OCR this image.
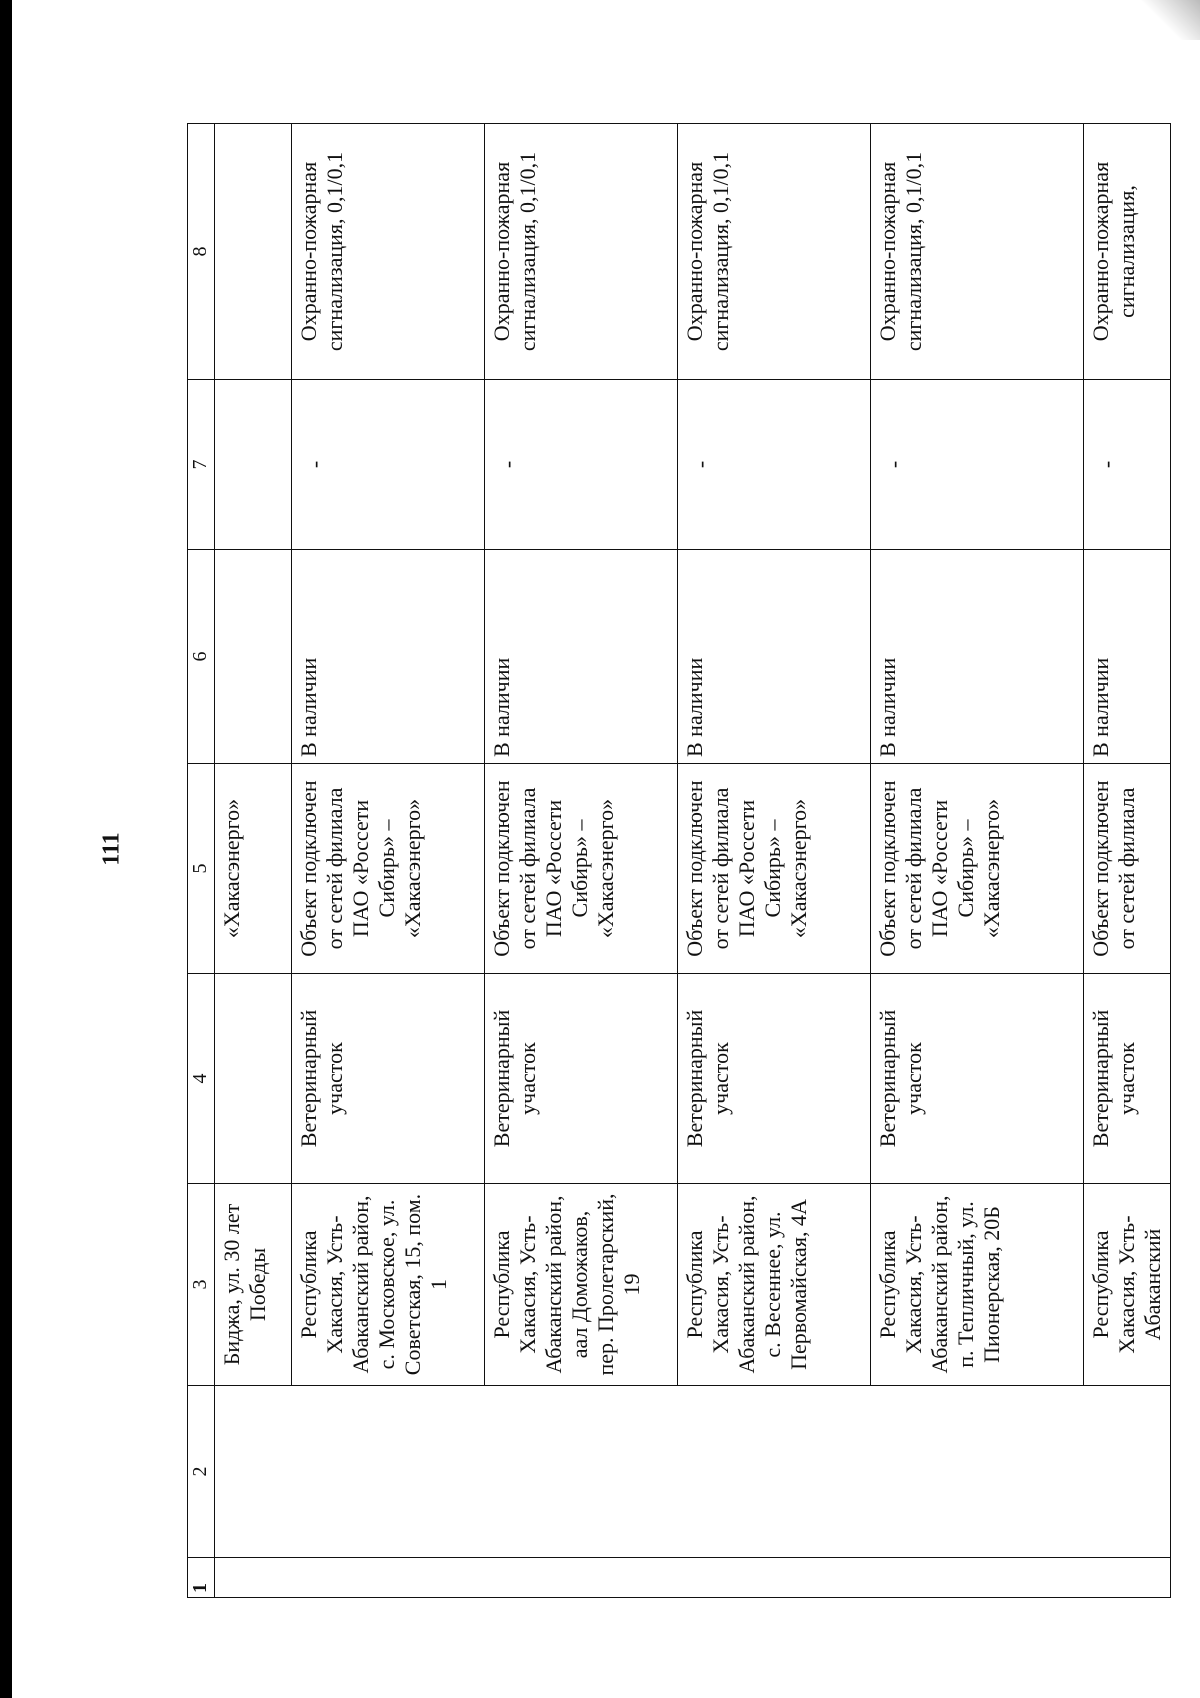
111
1	2	3	4	5	6	7	8
		Биджа, ул. 30 лет Победы		«Хакасэнерго»			
		Республика Хакасия, Усть-Абаканский район, с. Московское, ул. Советская, 15, пом. 1	Ветеринарный участок	Объект подключен от сетей филиала ПАО «Россети Сибирь» – «Хакасэнерго»	В наличии	-	Охранно-пожарная сигнализация, 0,1/0,1
		Республика Хакасия, Усть-Абаканский район, аал Доможаков, пер. Пролетарский, 19	Ветеринарный участок	Объект подключен от сетей филиала ПАО «Россети Сибирь» – «Хакасэнерго»	В наличии	-	Охранно-пожарная сигнализация, 0,1/0,1
		Республика Хакасия, Усть-Абаканский район, с. Весеннее, ул. Первомайская, 4А	Ветеринарный участок	Объект подключен от сетей филиала ПАО «Россети Сибирь» – «Хакасэнерго»	В наличии	-	Охранно-пожарная сигнализация, 0,1/0,1
		Республика Хакасия, Усть-Абаканский район, п. Тепличный, ул. Пионерская, 20Б	Ветеринарный участок	Объект подключен от сетей филиала ПАО «Россети Сибирь» – «Хакасэнерго»	В наличии	-	Охранно-пожарная сигнализация, 0,1/0,1
		Республика Хакасия, Усть-Абаканский	Ветеринарный участок	Объект подключен от сетей филиала	В наличии	-	Охранно-пожарная сигнализация,
